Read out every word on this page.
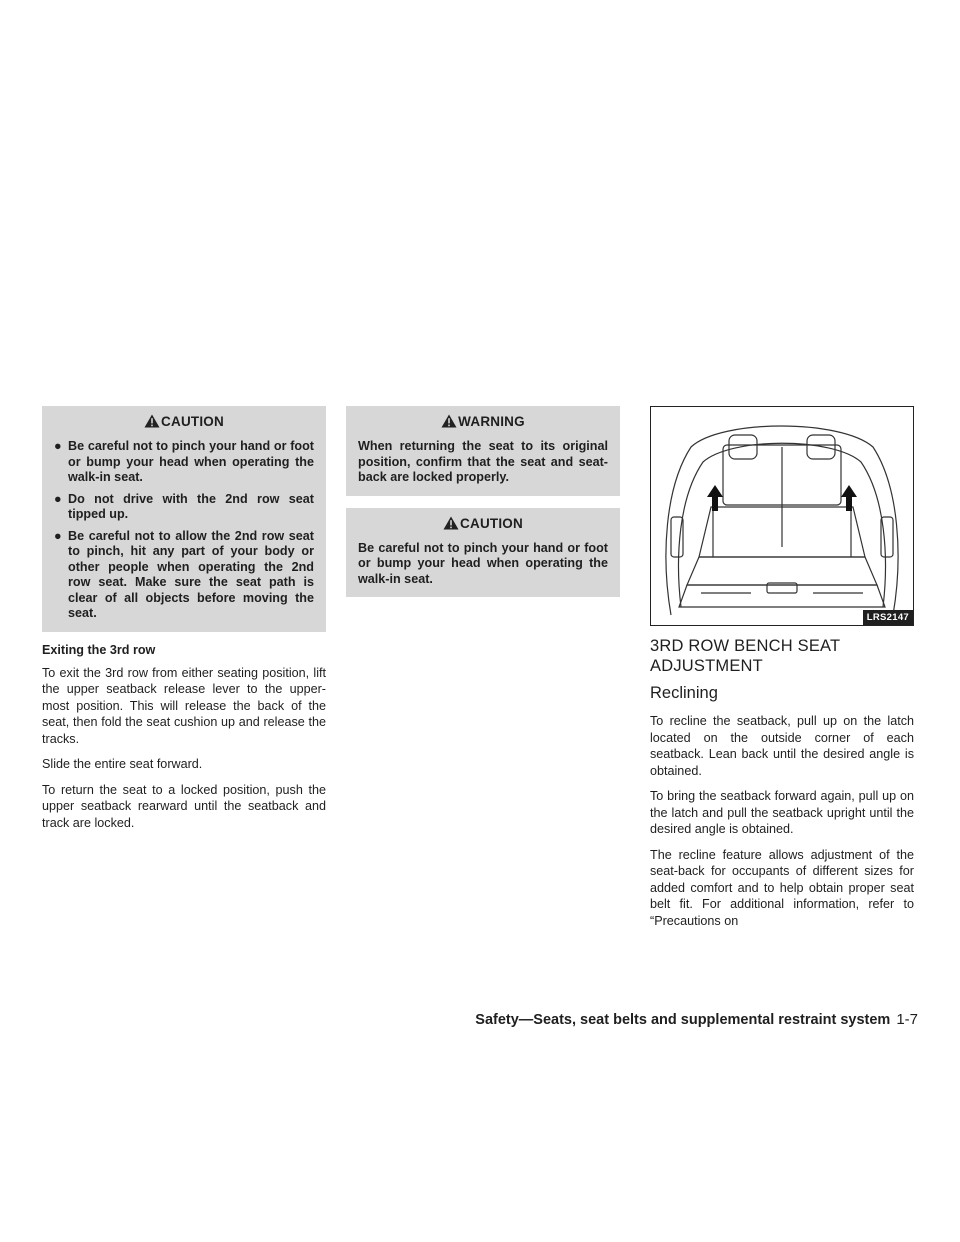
CAUTION
● Be careful not to pinch your hand or foot or bump your head when operating the walk-in seat.
● Do not drive with the 2nd row seat tipped up.
● Be careful not to allow the 2nd row seat to pinch, hit any part of your body or other people when operating the 2nd row seat. Make sure the seat path is clear of all objects before moving the seat.
Exiting the 3rd row

To exit the 3rd row from either seating position, lift the upper seatback release lever to the upper-most position. This will release the back of the seat, then fold the seat cushion up and release the tracks.

Slide the entire seat forward.

To return the seat to a locked position, push the upper seatback rearward until the seatback and track are locked.

WARNING

When returning the seat to its original position, confirm that the seat and seat-back are locked properly.

CAUTION

Be careful not to pinch your hand or foot or bump your head when operating the walk-in seat.

LRS2147
3RD ROW BENCH SEAT ADJUSTMENT
Reclining

To recline the seatback, pull up on the latch located on the outside corner of each seatback. Lean back until the desired angle is obtained.

To bring the seatback forward again, pull up on the latch and pull the seatback upright until the desired angle is obtained.

The recline feature allows adjustment of the seat-back for occupants of different sizes for added comfort and to help obtain proper seat belt fit. For additional information, refer to “Precautions on

Safety—Seats, seat belts and supplemental restraint system 1-7
